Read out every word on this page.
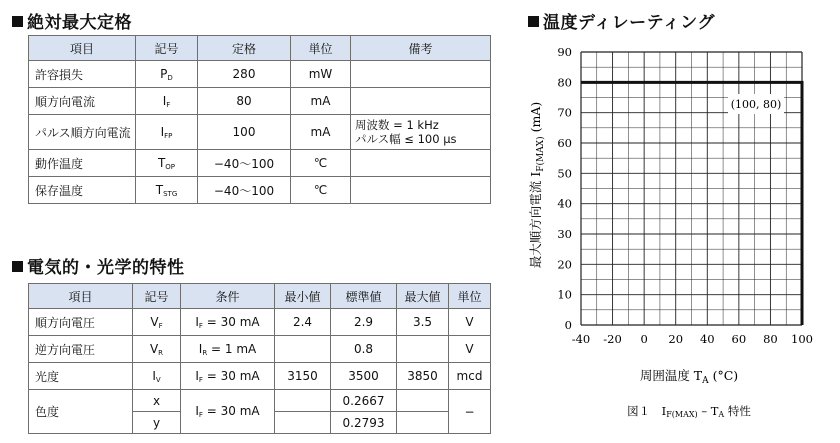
絶対最大定格
項目	記号	定格	単位	備考
許容損失	$P_D$	280	mW	
順方向電流	$I_F$	80	mA	
パルス順方向電流	$I_{FP}$	100	mA	周波数 = 1 kHz
パルス幅 ≤ 100 μs

動作温度	$T_{OP}$	−40～100	℃	
保存温度	$T_{STG}$	−40～100	℃	
電気的・光学的特性
項目	記号	条件	最小値	標準値	最大値	単位
順方向電圧	$V_F$	$I_F = 30$ mA	2.4	2.9	3.5	V
逆方向電圧	$V_R$	$I_R = 1$ mA		0.8		V
光度	$I_V$	$I_F = 30$ mA	3150	3500	3850	mcd
色度	x	$I_F = 30$ mA		0.2667		−
	y			0.2793		
温度ディレーティング
0
10
20
30
40
50
60
70
80
90
-40 -20 0 20 40 60 80 100
(100, 80)
周囲温度 $T_A$ (°C)
最大順方向電流 $I_{F(MAX)}$ (mA)
図１　IF(MAX) – TA 特性
